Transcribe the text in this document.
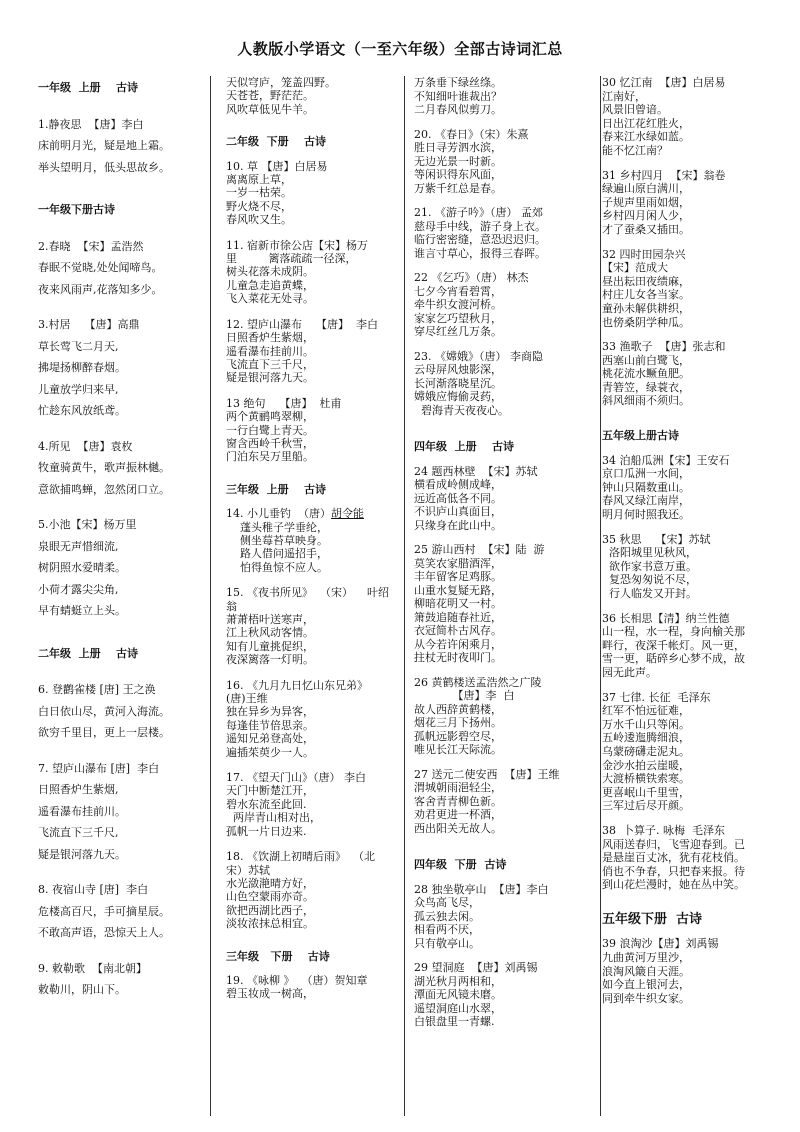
人教版小学语文（一至六年级）全部古诗词汇总
一年级  上册    古诗
1.静夜思  【唐】李白
床前明月光，疑是地上霜。
举头望明月，低头思故乡。
一年级下册古诗
2.春晓  【宋】孟浩然
春眠不觉晓,处处闻啼鸟。
夜来风雨声,花落知多少。
3.村居    【唐】高鼎
草长莺飞二月天,
拂堤扬柳醉春烟。
儿童放学归来早,
忙趁东风放纸鸢。
4.所见  【唐】袁枚
牧童骑黄牛，歌声振林樾。
意欲捕鸣蝉，忽然闭口立。
5.小池【宋】杨万里
泉眼无声惜细流,
树阴照水爱晴柔。
小荷才露尖尖角,
早有蜻蜓立上头。
二年级  上册    古诗
6. 登鹳雀楼 [唐] 王之涣
白日依山尽，黄河入海流。
欲穷千里目，更上一层楼。
7. 望庐山瀑布 [唐]  李白
日照香炉生紫烟,
遥看瀑布挂前川。
飞流直下三千尺,
疑是银河落九天。
8. 夜宿山寺 [唐]  李白
危楼高百尺，手可摘星辰。
不敢高声语，恐惊天上人。
9. 敕勒歌  【南北朝】
敕勒川，阴山下。
天似穹庐，笼盖四野。
天苍苍，野茫茫。
风吹草低见牛羊。
二年级  下册    古诗
10. 草 【唐】白居易
离离原上草，
一岁一枯荣。
野火烧不尽，
春风吹又生。
11. 宿新市徐公店【宋】杨万
里         篱落疏疏一径深，
树头花落未成阴。
儿童急走追黄蝶，
飞入菜花无处寻。
12. 望庐山瀑布    【唐】  李白
日照香炉生紫烟，
遥看瀑布挂前川。
飞流直下三千尺，
疑是银河落九天。
13 绝句    【唐】  杜甫
两个黄鹂鸣翠柳，
一行白鹭上青天。
窗含西岭千秋雪，
门泊东吴万里船。
三年级  上册    古诗
14. 小儿垂钓  （唐）胡令能
蓬头稚子学垂纶，
侧坐莓苔草映身。
路人借问遥招手，
怕得鱼惊不应人。
15. 《夜书所见》  （宋）    叶绍
翁
萧萧梧叶送寒声，
江上秋风动客情。
知有儿童挑促织，
夜深篱落一灯明。
16. 《九月九日忆山东兄弟》
(唐)王维
独在异乡为异客，
每逢佳节倍思亲。
遥知兄弟登高处，
遍插茱萸少一人。
17. 《望天门山》（唐） 李白
天门中断楚江开，
碧水东流至此回.
两岸青山相对出，
孤帆一片日边来.
18. 《饮湖上初晴后雨》  （北
宋）苏轼
水光潋滟晴方好，
山色空蒙雨亦奇。
欲把西湖比西子，
淡妆浓抹总相宜。
三年级   下册    古诗
19. 《咏柳 》  （唐）贺知章
碧玉妆成一树高，
万条垂下绿丝绦。
不知细叶谁裁出？
二月春风似剪刀。
20. 《春日》（宋）朱熹
胜日寻芳泗水滨，
无边光景一时新。
等闲识得东风面，
万紫千红总是春。
21. 《游子吟》（唐） 孟郊
慈母手中线，游子身上衣。
临行密密缝，意恐迟迟归。
谁言寸草心，报得三春晖。
22 《乞巧》（唐） 林杰
七夕今宵看碧霄，
牵牛织女渡河桥。
家家乞巧望秋月，
穿尽红丝几万条。
23. 《嫦娥》（唐） 李商隐
云母屏风烛影深，
长河渐落晓星沉。
嫦娥应悔偷灵药，
碧海青天夜夜心。
四年级  上册    古诗
24 题西林壁  【宋】苏轼
横看成岭侧成峰，
远近高低各不同。
不识庐山真面目，
只缘身在此山中。
25 游山西村  【宋】陆  游
莫笑农家腊酒浑，
丰年留客足鸡豚。
山重水复疑无路，
柳暗花明又一村。
箫鼓追随春社近，
衣冠简朴古风存。
从今若许闲乘月，
拄杖无时夜叩门。
26 黄鹤楼送孟浩然之广陵
【唐】李  白
故人西辞黄鹤楼，
烟花三月下扬州。
孤帆远影碧空尽，
唯见长江天际流。
27 送元二使安西  【唐】王维
渭城朝雨浥轻尘，
客舍青青柳色新。
劝君更进一杯酒，
西出阳关无故人。
四年级  下册  古诗
28 独坐敬亭山  【唐】李白
众鸟高飞尽，
孤云独去闲。
相看两不厌，
只有敬亭山。
29 望洞庭  【唐】刘禹锡
湖光秋月两相和，
潭面无风镜未磨。
遥望洞庭山水翠，
白银盘里一青螺.
30 忆江南  【唐】白居易
江南好，
风景旧曾谙。
日出江花红胜火，
春来江水绿如蓝。
能不忆江南？
31 乡村四月  【宋】翁卷
绿遍山原白满川，
子规声里雨如烟，
乡村四月闲人少，
才了蚕桑又插田。
32 四时田园杂兴
【宋】范成大
昼出耘田夜绩麻，
村庄儿女各当家。
童孙未解供耕织，
也傍桑阴学种瓜。
33 渔歌子  【唐】张志和
西塞山前白鹭飞，
桃花流水鳜鱼肥。
青箬笠，绿蓑衣，
斜风细雨不须归。
五年级上册古诗
34 泊船瓜洲【宋】王安石
京口瓜洲一水间，
钟山只隔数重山。
春风又绿江南岸，
明月何时照我还。
35 秋思    【宋】苏轼
洛阳城里见秋风，
欲作家书意万重。
复恐匆匆说不尽，
行人临发又开封。
36 长相思【清】纳兰性德
山一程，水一程，身向榆关那
畔行，夜深千帐灯。风一更，
雪一更，聒碎乡心梦不成，故
园无此声。
37 七律. 长征  毛泽东
红军不怕远征难，
万水千山只等闲。
五岭逶迤腾细浪，
乌蒙磅礴走泥丸。
金沙水拍云崖暖，
大渡桥横铁索寒。
更喜岷山千里雪，
三军过后尽开颜。
38  卜算子. 咏梅  毛泽东
风雨送春归，飞雪迎春到。已
是悬崖百丈冰，犹有花枝俏。
俏也不争春，只把春来报。待
到山花烂漫时，她在丛中笑。
五年级下册  古诗
39 浪淘沙【唐】刘禹锡
九曲黄河万里沙，
浪淘风簸自天涯。
如今直上银河去，
同到牵牛织女家。
